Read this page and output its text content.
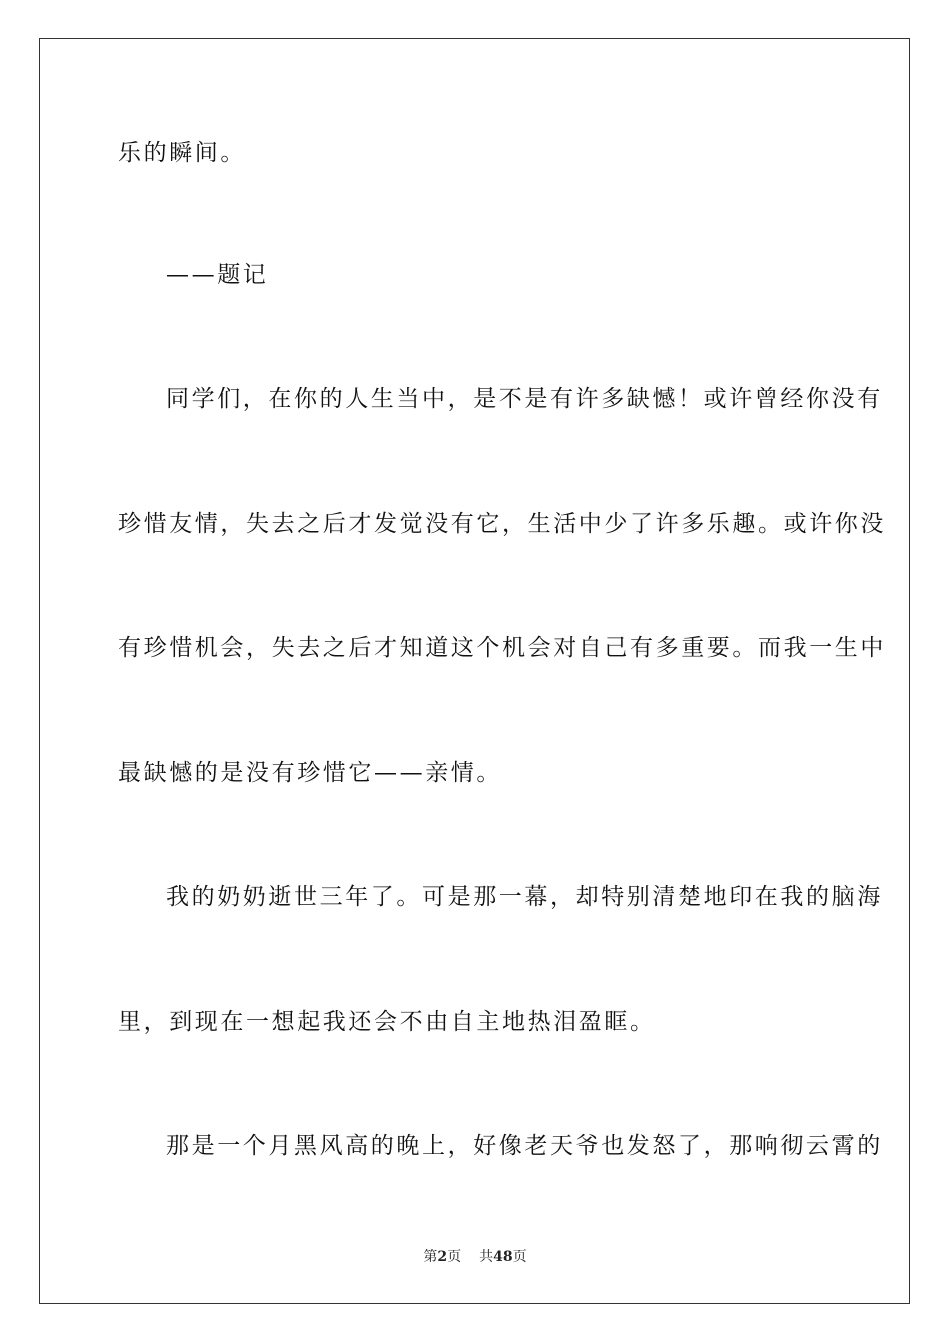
乐的瞬间。
——题记
同学们，在你的人生当中，是不是有许多缺憾！或许曾经你没有
珍惜友情，失去之后才发觉没有它，生活中少了许多乐趣。或许你没
有珍惜机会，失去之后才知道这个机会对自己有多重要。而我一生中
最缺憾的是没有珍惜它——亲情。
我的奶奶逝世三年了。可是那一幕，却特别清楚地印在我的脑海
里，到现在一想起我还会不由自主地热泪盈眶。
那是一个月黑风高的晚上，好像老天爷也发怒了，那响彻云霄的
第2页 共48页
